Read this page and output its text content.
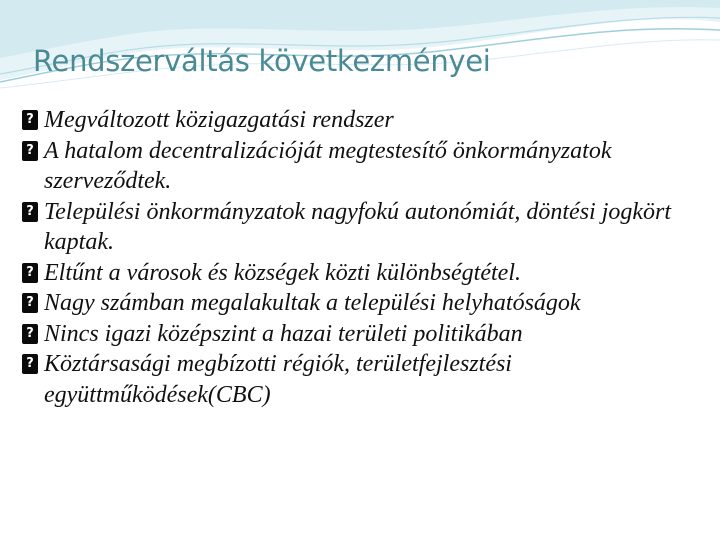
Rendszerváltás következményei
?
Megváltozott közigazgatási rendszer
?
A hatalom decentralizációját megtestesítő önkormányzatok szerveződtek.
?
Települési önkormányzatok nagyfokú autonómiát, döntési jogkört kaptak.
?
Eltűnt a városok és községek közti különbségtétel.
?
Nagy számban megalakultak a települési helyhatóságok
?
Nincs igazi középszint a hazai területi politikában
?
Köztársasági megbízotti régiók, területfejlesztési együttműködések(CBC)
